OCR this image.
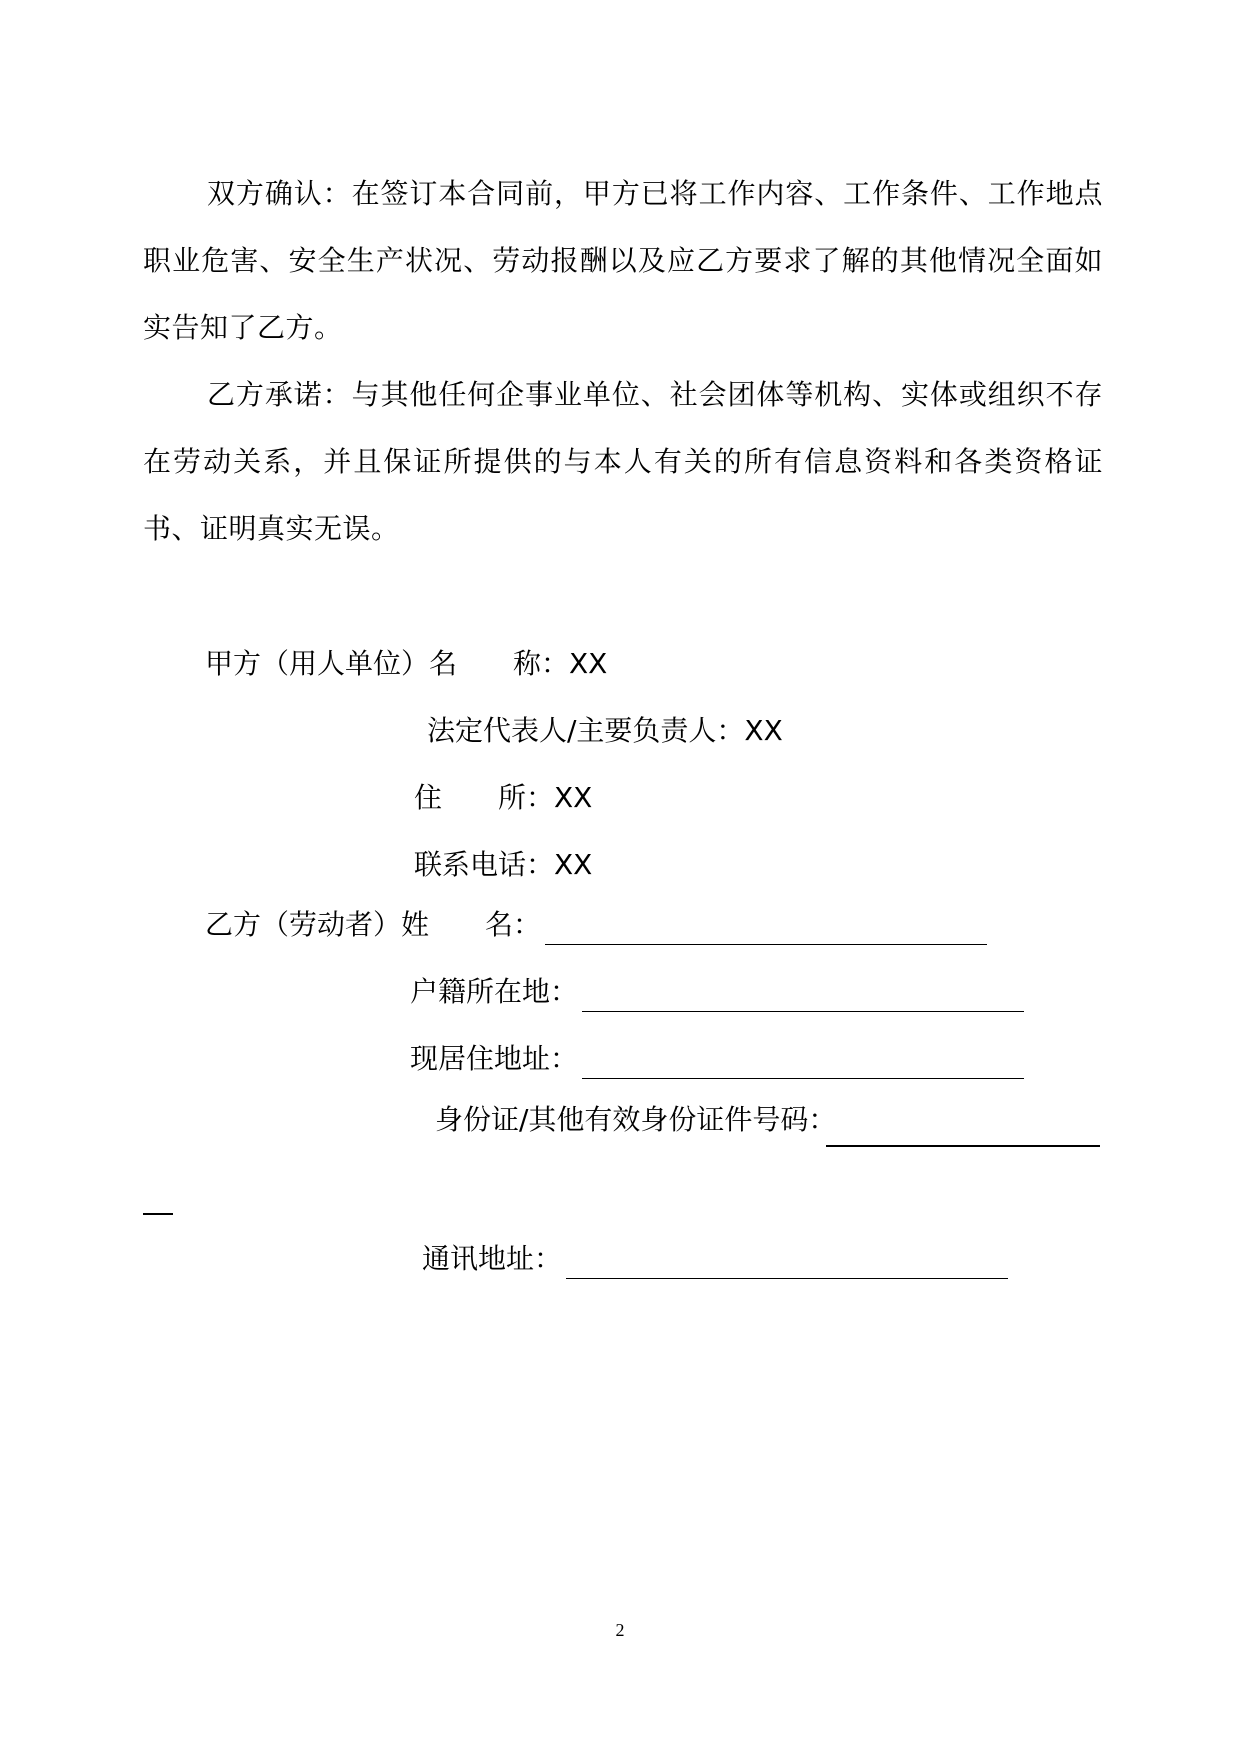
双方确认：在签订本合同前，甲方已将工作内容、工作条件、工作地点职业危害、安全生产状况、劳动报酬以及应乙方要求了解的其他情况全面如实告知了乙方。

乙方承诺：与其他任何企事业单位、社会团体等机构、实体或组织不存在劳动关系，并且保证所提供的与本人有关的所有信息资料和各类资格证书、证明真实无误。

甲方（用人单位）名　　称：XX
法定代表人/主要负责人：XX
住　　所：XX
联系电话：XX
乙方（劳动者）姓　　名：
户籍所在地：
现居住地址：
身份证/其他有效身份证件号码：
通讯地址：
2
